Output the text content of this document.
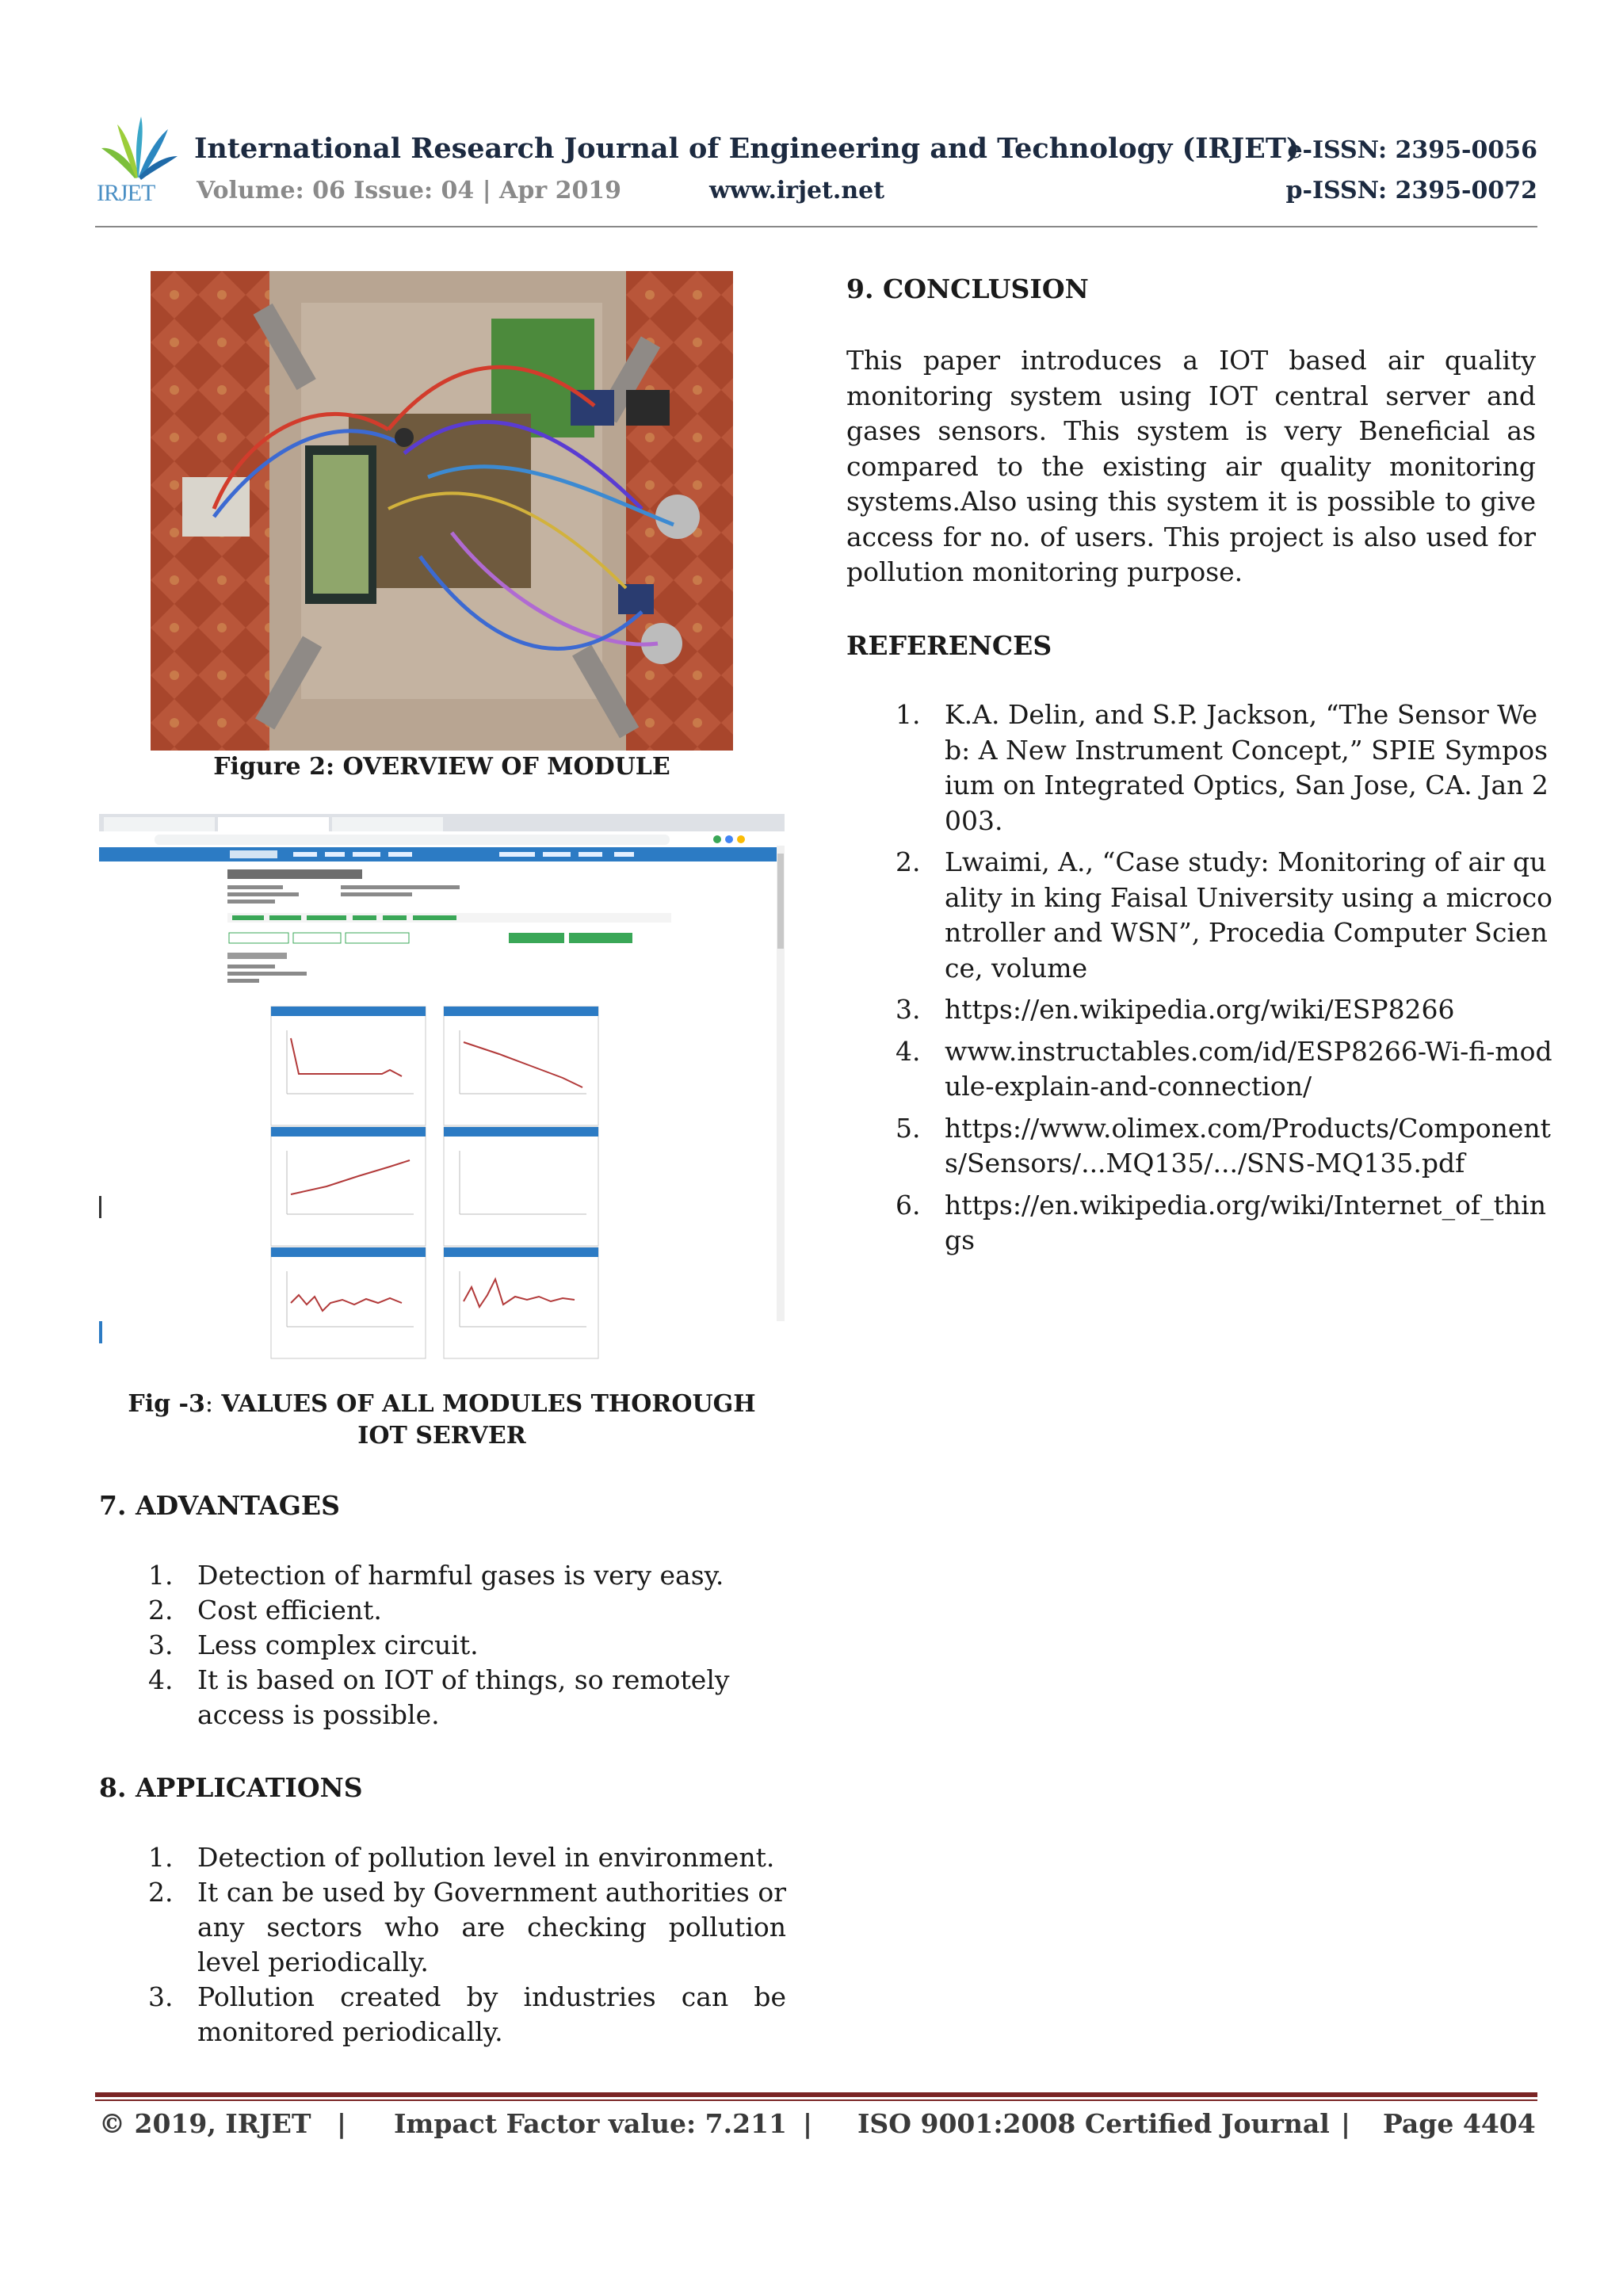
IRJET
International Research Journal of Engineering and Technology (IRJET)
e-ISSN: 2395-0056
Volume: 06 Issue: 04 | Apr 2019	www.irjet.net	p-ISSN: 2395-0072
Figure 2: OVERVIEW OF MODULE
Fig -3: VALUES OF ALL MODULES THOROUGH IOT SERVER
7. ADVANTAGES
1. Detection of harmful gases is very easy.
2. Cost efficient.
3. Less complex circuit.
4. It is based on IOT of things, so remotely access is possible.
8. APPLICATIONS
1. Detection of pollution level in environment.
2. It can be used by Government authorities or any sectors who are checking pollution level periodically.
3. Pollution created by industries can be monitored periodically.
9. CONCLUSION
This paper introduces a IOT based air quality monitoring system using IOT central server and gases sensors. This system is very Beneficial as compared to the existing air quality monitoring systems.Also using this system it is possible to give access for no. of users. This project is also used for pollution monitoring purpose.
REFERENCES
1. K.A. Delin, and S.P. Jackson, “The Sensor Web: A New Instrument Concept,” SPIE Symposium on Integrated Optics, San Jose, CA. Jan 2003.
2. Lwaimi, A., “Case study: Monitoring of air quality in king Faisal University using a microcontroller and WSN”, Procedia Computer Science, volume
3. https://en.wikipedia.org/wiki/ESP8266
4. www.instructables.com/id/ESP8266-Wi-fi-module-explain-and-connection/
5. https://www.olimex.com/Products/Components/Sensors/...MQ135/.../SNS-MQ135.pdf
6. https://en.wikipedia.org/wiki/Internet_of_things
© 2019, IRJET | Impact Factor value: 7.211 | ISO 9001:2008 Certified Journal | Page 4404
